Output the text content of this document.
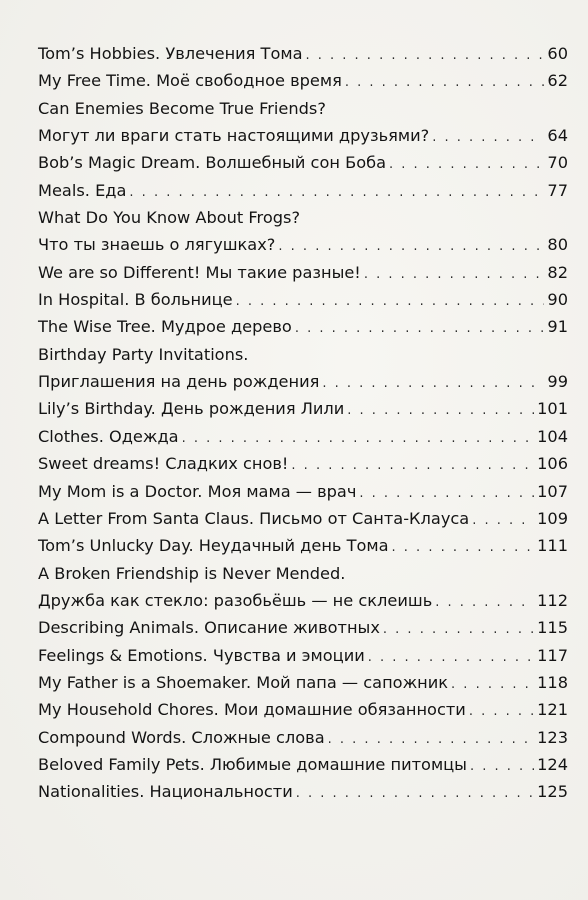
Tom’s Hobbies. Увлечения Тома . . .	60
My Free Time. Моё свободное время . . .	62
Can Enemies Become True Friends?
Могут ли враги стать настоящими друзьями? . . .	64
Bob’s Magic Dream. Волшебный сон Боба . . .	70
Meals. Еда . . .	77
What Do You Know About Frogs?
Что ты знаешь о лягушках? . . .	80
We are so Different! Мы такие разные! . . .	82
In Hospital. В больнице . . .	90
The Wise Tree. Мудрое дерево . . .	91
Birthday Party Invitations.
Приглашения на день рождения . . .	99
Lily’s Birthday. День рождения Лили . . .	101
Clothes. Одежда . . .	104
Sweet dreams! Сладких снов! . . .	106
My Mom is a Doctor. Моя мама — врач . . .	107
A Letter From Santa Claus. Письмо от Санта-Клауса . . .	109
Tom’s Unlucky Day. Неудачный день Тома . . .	111
A Broken Friendship is Never Mended.
Дружба как стекло: разобьёшь — не склеишь . . .	112
Describing Animals. Описание животных . . .	115
Feelings & Emotions. Чувства и эмоции . . .	117
My Father is a Shoemaker. Мой папа — сапожник . . .	118
My Household Chores. Мои домашние обязанности . . .	121
Compound Words. Сложные слова . . .	123
Beloved Family Pets. Любимые домашние питомцы . . .	124
Nationalities. Национальности . . .	125
